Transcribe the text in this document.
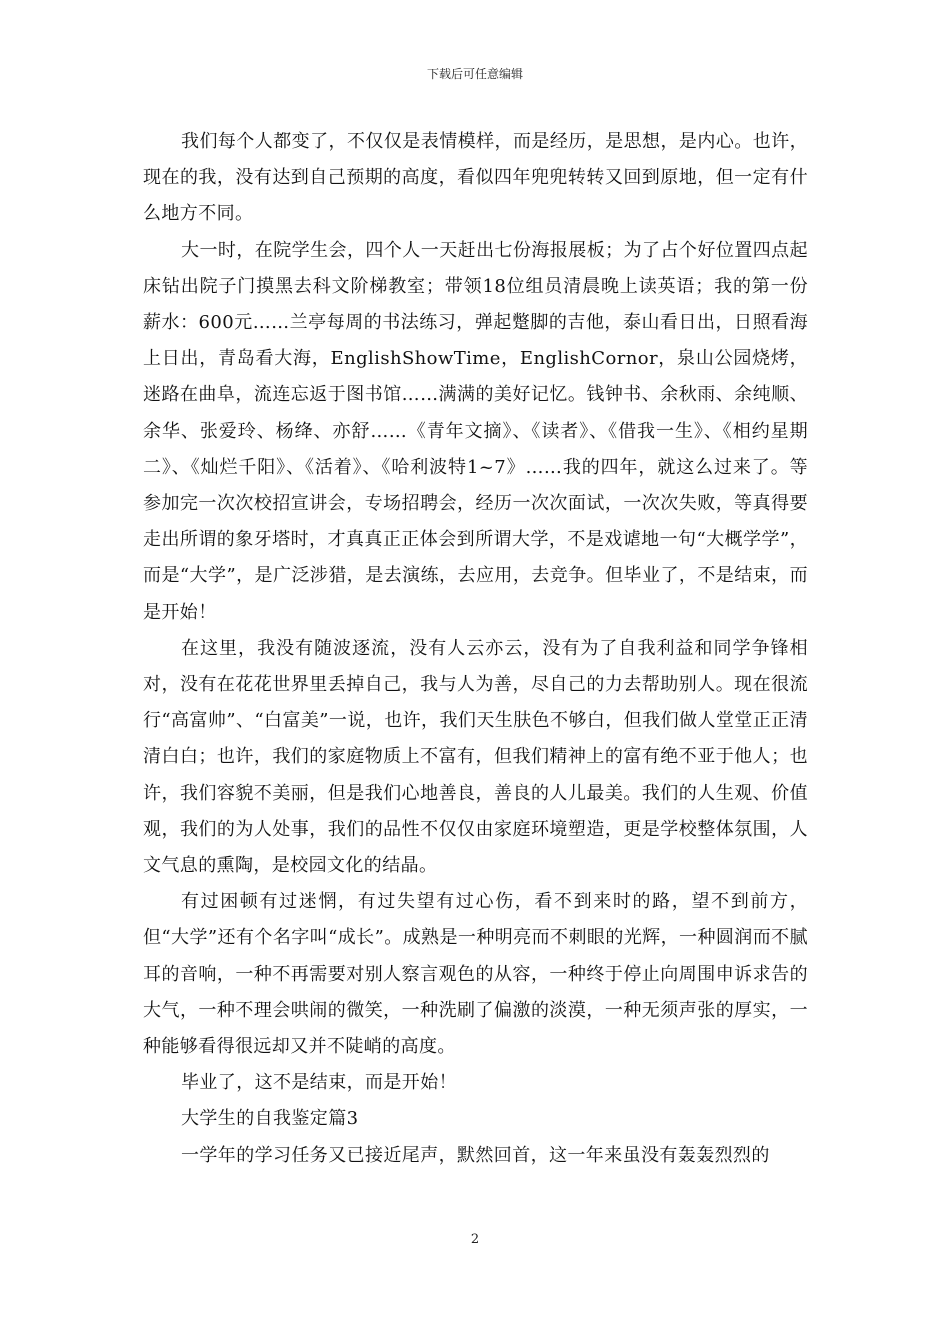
下载后可任意编辑

我们每个人都变了，不仅仅是表情模样，而是经历，是思想，是内心。也许，现在的我，没有达到自己预期的高度，看似四年兜兜转转又回到原地，但一定有什么地方不同。

大一时，在院学生会，四个人一天赶出七份海报展板；为了占个好位置四点起床钻出院子门摸黑去科文阶梯教室；带领18位组员清晨晚上读英语；我的第一份薪水：600元……兰亭每周的书法练习，弹起蹩脚的吉他，泰山看日出，日照看海上日出，青岛看大海，EnglishShowTime，EnglishCornor，泉山公园烧烤，迷路在曲阜，流连忘返于图书馆……满满的美好记忆。钱钟书、余秋雨、余纯顺、余华、张爱玲、杨绛、亦舒……《青年文摘》、《读者》、《借我一生》、《相约星期二》、《灿烂千阳》、《活着》、《哈利波特1~7》……我的四年，就这么过来了。等参加完一次次校招宣讲会，专场招聘会，经历一次次面试，一次次失败，等真得要走出所谓的象牙塔时，才真真正正体会到所谓大学，不是戏谑地一句“大概学学”，而是“大学”，是广泛涉猎，是去演练，去应用，去竞争。但毕业了，不是结束，而是开始！

在这里，我没有随波逐流，没有人云亦云，没有为了自我利益和同学争锋相对，没有在花花世界里丢掉自己，我与人为善，尽自己的力去帮助别人。现在很流行“高富帅”、“白富美”一说，也许，我们天生肤色不够白，但我们做人堂堂正正清清白白；也许，我们的家庭物质上不富有，但我们精神上的富有绝不亚于他人；也许，我们容貌不美丽，但是我们心地善良，善良的人儿最美。我们的人生观、价值观，我们的为人处事，我们的品性不仅仅由家庭环境塑造，更是学校整体氛围，人文气息的熏陶，是校园文化的结晶。

有过困顿有过迷惘，有过失望有过心伤，看不到来时的路，望不到前方，但“大学”还有个名字叫“成长”。成熟是一种明亮而不刺眼的光辉，一种圆润而不腻耳的音响，一种不再需要对别人察言观色的从容，一种终于停止向周围申诉求告的大气，一种不理会哄闹的微笑，一种洗刷了偏激的淡漠，一种无须声张的厚实，一种能够看得很远却又并不陡峭的高度。

毕业了，这不是结束，而是开始！

大学生的自我鉴定篇3

一学年的学习任务又已接近尾声，默然回首，这一年来虽没有轰轰烈烈的

2
